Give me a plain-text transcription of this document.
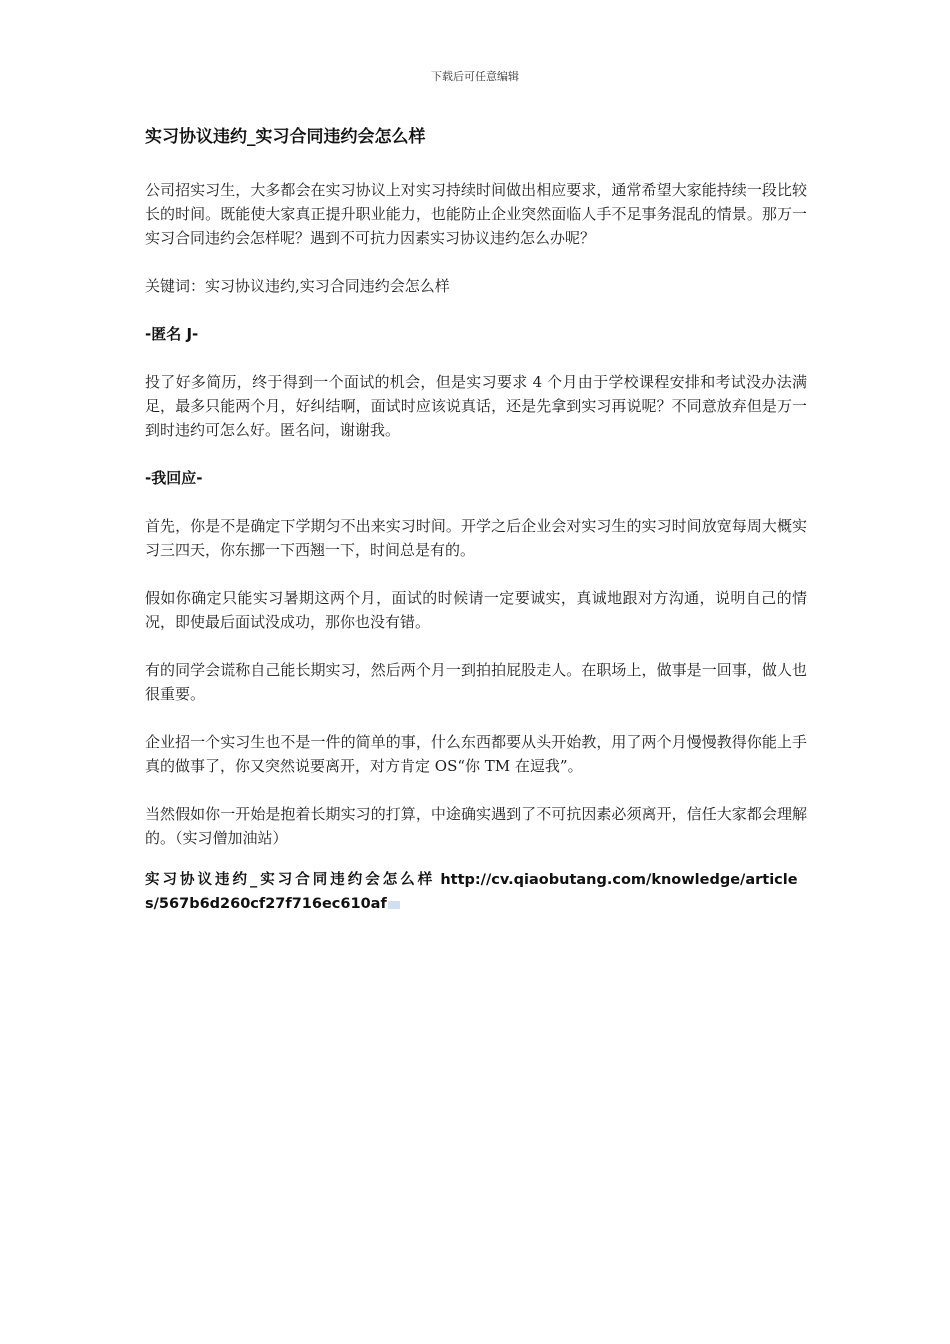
下载后可任意编辑
实习协议违约_实习合同违约会怎么样

公司招实习生，大多都会在实习协议上对实习持续时间做出相应要求，通常希望大家能持续一段比较长的时间。既能使大家真正提升职业能力，也能防止企业突然面临人手不足事务混乱的情景。那万一实习合同违约会怎样呢？遇到不可抗力因素实习协议违约怎么办呢？

关键词：实习协议违约,实习合同违约会怎么样

-匿名 J-

投了好多简历，终于得到一个面试的机会，但是实习要求 4 个月由于学校课程安排和考试没办法满足，最多只能两个月，好纠结啊，面试时应该说真话，还是先拿到实习再说呢？不同意放弃但是万一到时违约可怎么好。匿名问，谢谢我。

-我回应-

首先，你是不是确定下学期匀不出来实习时间。开学之后企业会对实习生的实习时间放宽每周大概实习三四天，你东挪一下西翘一下，时间总是有的。

假如你确定只能实习暑期这两个月，面试的时候请一定要诚实，真诚地跟对方沟通，说明自己的情况，即使最后面试没成功，那你也没有错。

有的同学会谎称自己能长期实习，然后两个月一到拍拍屁股走人。在职场上，做事是一回事，做人也很重要。

企业招一个实习生也不是一件的简单的事，什么东西都要从头开始教，用了两个月慢慢教得你能上手真的做事了，你又突然说要离开，对方肯定 OS“你 TM 在逗我”。

当然假如你一开始是抱着长期实习的打算，中途确实遇到了不可抗因素必须离开，信任大家都会理解的。（实习僧加油站）

实习协议违约_实习合同违约会怎么样 http://cv.qiaobutang.com/knowledge/articles/567b6d260cf27f716ec610af
